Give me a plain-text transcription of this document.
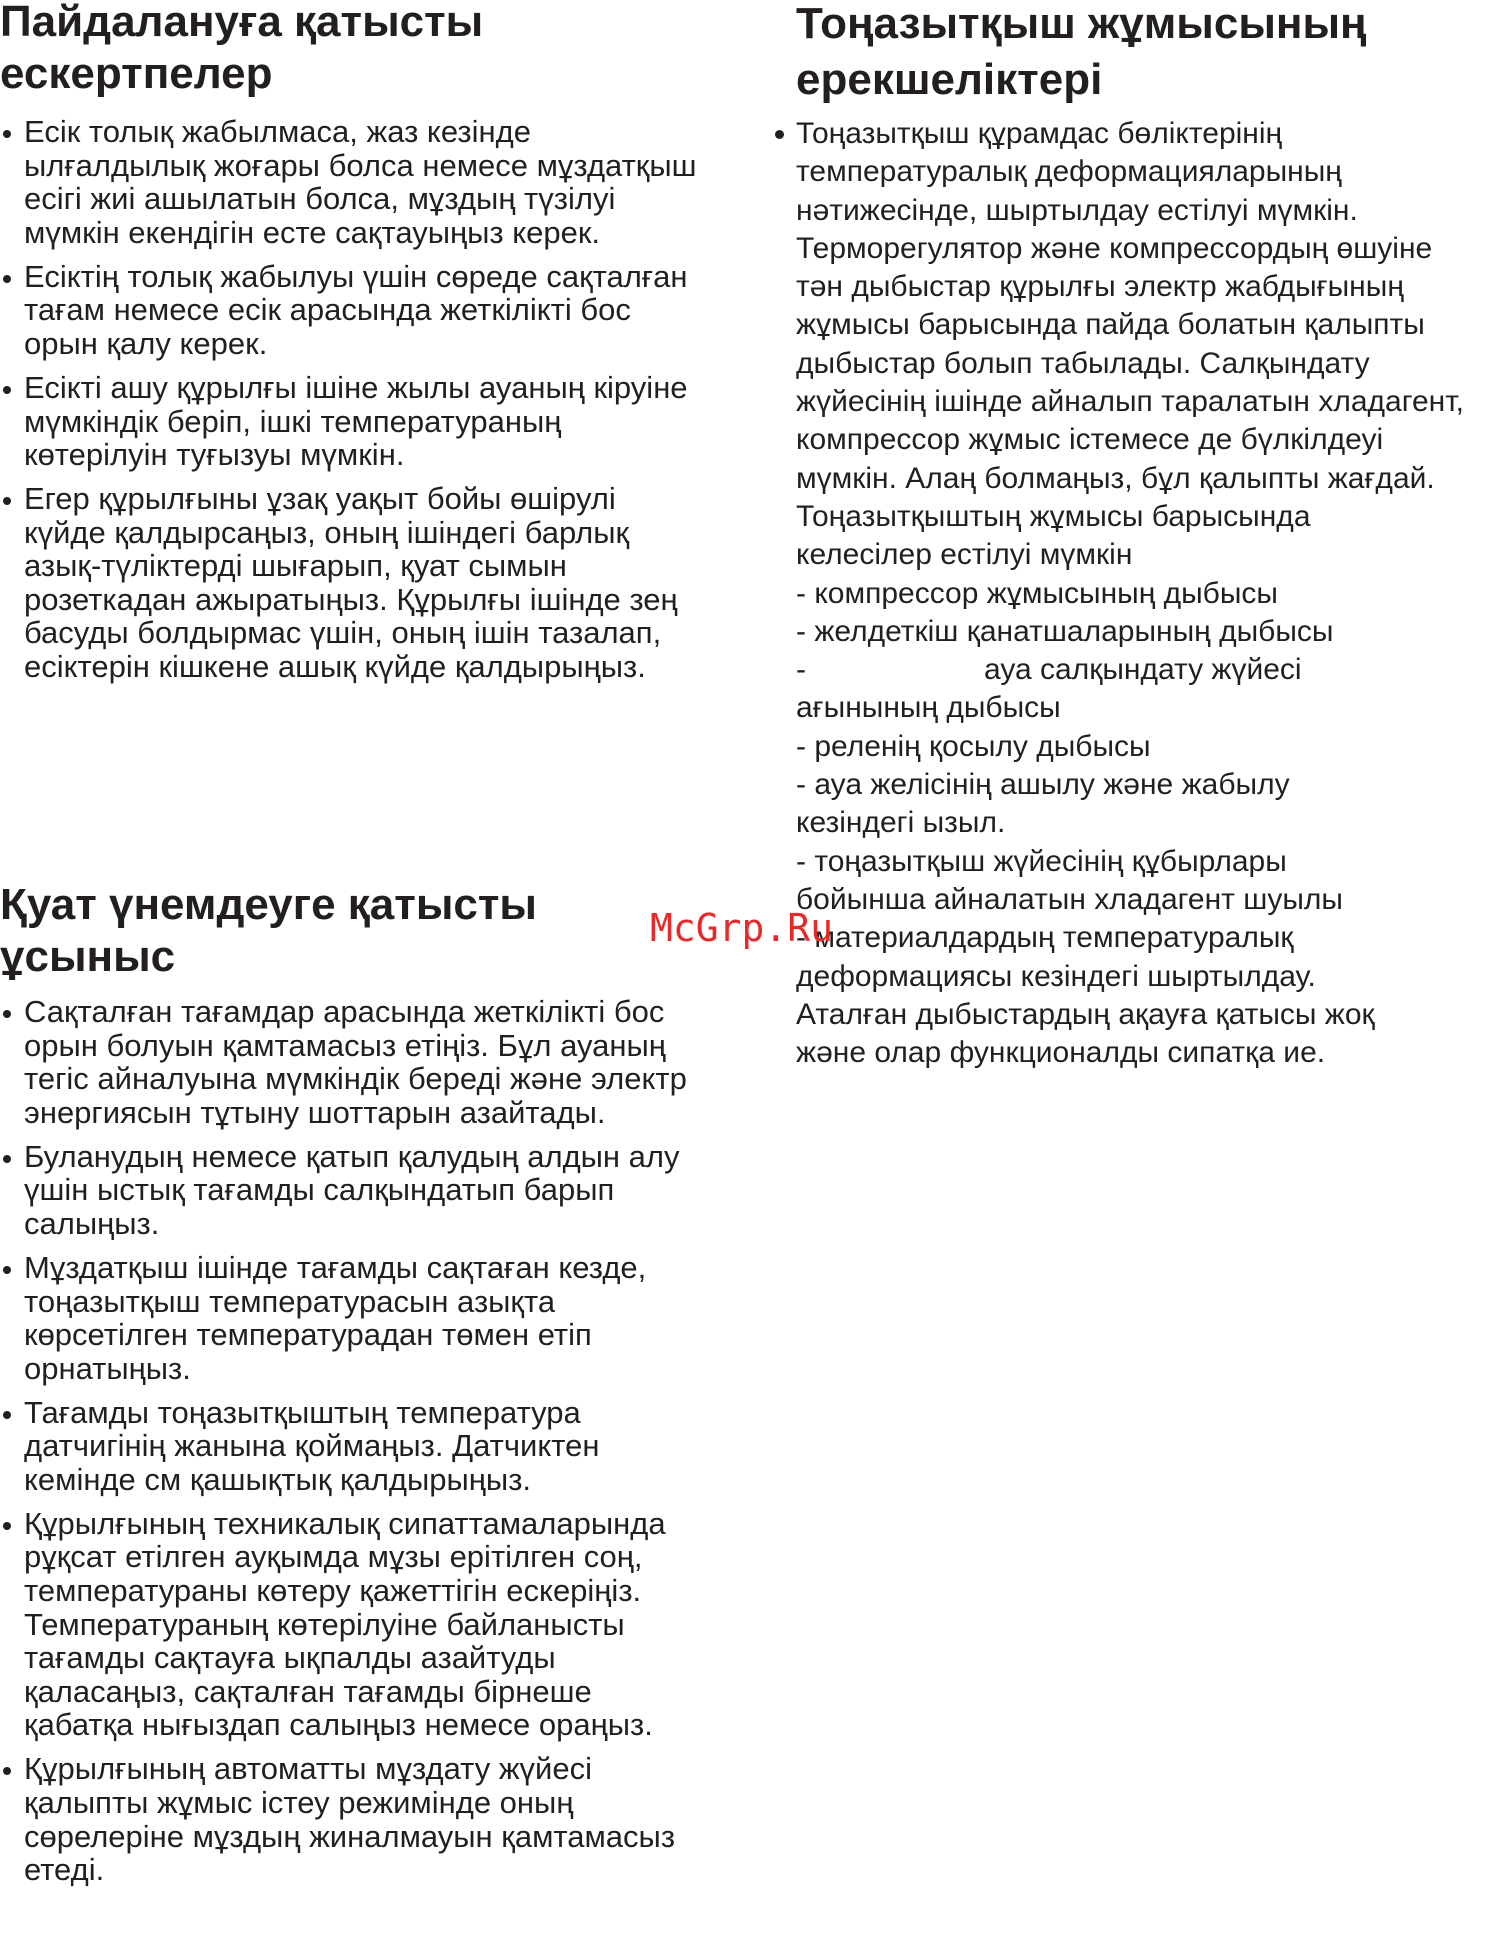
Пайдалануға қатысты
ескертпелер
Есік толық жабылмаса, жаз кезінде ылғалдылық жоғары болса немесе мұздатқыш есігі жиі ашылатын болса, мұздың түзілуі мүмкін екендігін есте сақтауыңыз керек.
Есіктің толық жабылуы үшін сөреде сақталған тағам немесе есік арасында жеткілікті бос орын қалу керек.
Есікті ашу құрылғы ішіне жылы ауаның кіруіне мүмкіндік беріп, ішкі температураның көтерілуін туғызуы мүмкін.
Егер құрылғыны ұзақ уақыт бойы өшірулі күйде қалдырсаңыз, оның ішіндегі барлық азық-түліктерді шығарып, қуат сымын розеткадан ажыратыңыз. Құрылғы ішінде зең басуды болдырмас үшін, оның ішін тазалап, есіктерін кішкене ашық күйде қалдырыңыз.
Қуат үнемдеуге қатысты
ұсыныс
Сақталған тағамдар арасында жеткілікті бос орын болуын қамтамасыз етіңіз. Бұл ауаның тегіс айналуына мүмкіндік береді және электр энергиясын тұтыну шоттарын азайтады.
Буланудың немесе қатып қалудың алдын алу үшін ыстық тағамды салқындатып барып салыңыз.
Мұздатқыш ішінде тағамды сақтаған кезде, тоңазытқыш температурасын азықта көрсетілген температурадан төмен етіп орнатыңыз.
Тағамды тоңазытқыштың температура датчигінің жанына қоймаңыз. Датчиктен кемінде см қашықтық қалдырыңыз.
Құрылғының техникалық сипаттамаларында рұқсат етілген ауқымда мұзы ерітілген соң, температураны көтеру қажеттігін ескеріңіз. Температураның көтерілуіне байланысты тағамды сақтауға ықпалды азайтуды қаласаңыз, сақталған тағамды бірнеше қабатқа нығыздап салыңыз немесе ораңыз.
Құрылғының автоматты мұздату жүйесі қалыпты жұмыс істеу режимінде оның сөрелеріне мұздың жиналмауын қамтамасыз етеді.
Тоңазытқыш жұмысының
ерекшеліктері

Тоңазытқыш құрамдас бөліктерінің температуралық деформацияларының нәтижесінде, шыртылдау естілуі мүмкін. Терморегулятор және компрессордың өшуіне тән дыбыстар құрылғы электр жабдығының жұмысы барысында пайда болатын қалыпты дыбыстар болып табылады. Салқындату жүйесінің ішінде айналып таралатын хладагент, компрессор жұмыс істемесе де бүлкілдеуі мүмкін. Алаң болмаңыз, бұл қалыпты жағдай.

Тоңазытқыштың жұмысы барысында
келесілер естілуі мүмкін
- компрессор жұмысының дыбысы
- желдеткіш қанатшаларының дыбысы
-	ауа салқындату жүйесі
ағынының дыбысы
- реленің қосылу дыбысы
- ауа желісінің ашылу және жабылу
кезіндегі ызыл.
- тоңазытқыш жүйесінің құбырлары
бойынша айналатын хладагент шуылы
- материалдардың температуралық
деформациясы кезіндегі шыртылдау.
Аталған дыбыстардың ақауға қатысы жоқ
және олар функционалды сипатқа ие.
McGrp.Ru
